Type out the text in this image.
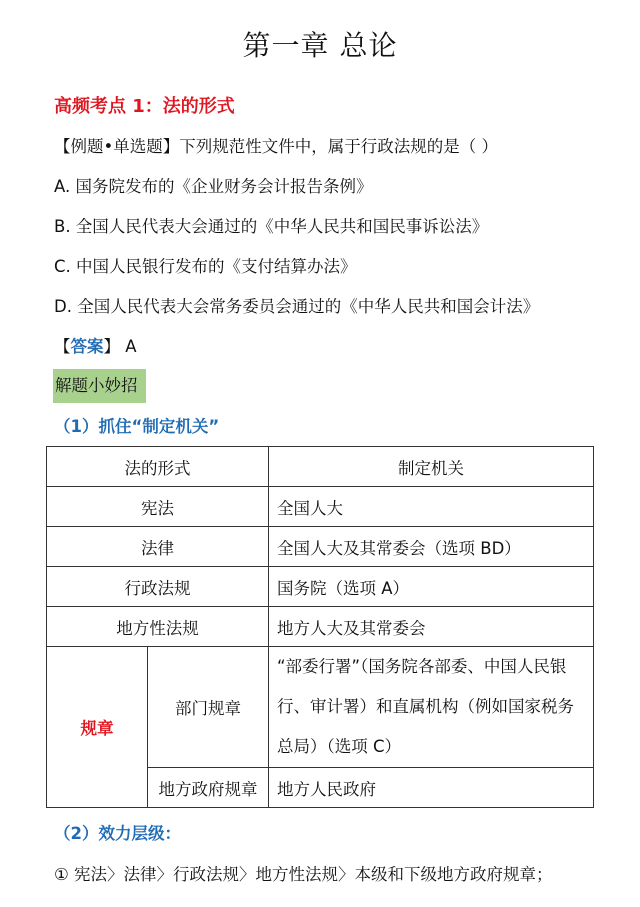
第一章 总论
高频考点 1：法的形式
【例题•单选题】下列规范性文件中，属于行政法规的是（ ）
A. 国务院发布的《企业财务会计报告条例》
B. 全国人民代表大会通过的《中华人民共和国民事诉讼法》
C. 中国人民银行发布的《支付结算办法》
D. 全国人民代表大会常务委员会通过的《中华人民共和国会计法》
【答案】 A
解题小妙招
（1）抓住“制定机关”
法的形式		制定机关
宪法		全国人大
法律		全国人大及其常委会（选项 BD）
行政法规		国务院（选项 A）
地方性法规		地方人大及其常委会
规章	部门规章	“部委行署”（国务院各部委、中国人民银行、审计署）和直属机构（例如国家税务总局）（选项 C）
	地方政府规章	地方人民政府
（2）效力层级：
① 宪法〉法律〉行政法规〉地方性法规〉本级和下级地方政府规章；
